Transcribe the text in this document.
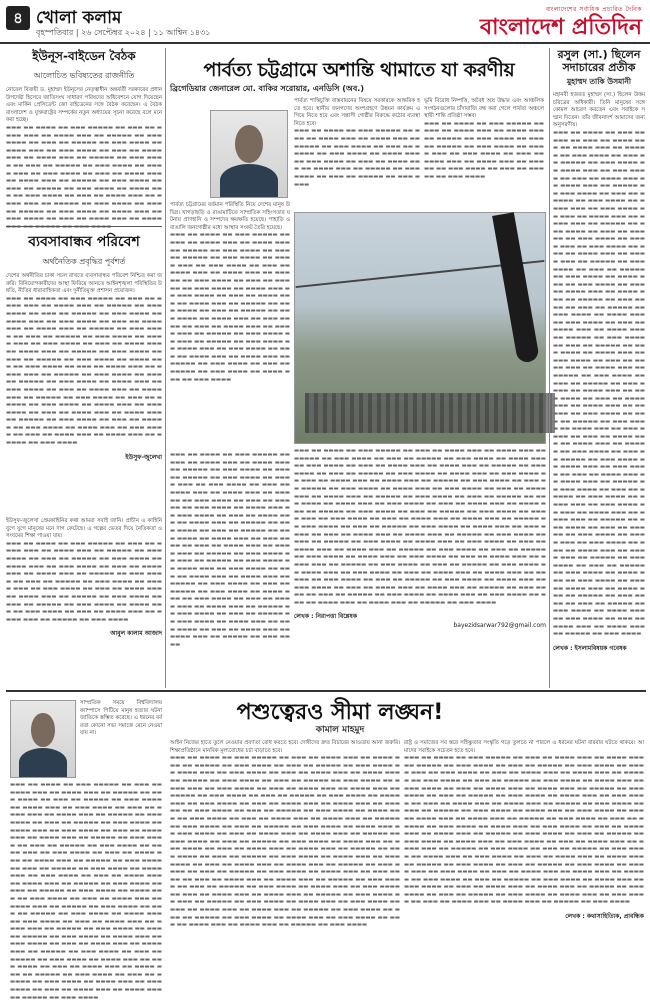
৪ খোলা কলাম
বৃহস্পতিবার | ২৬ সেপ্টেম্বর ২০২৪ | ১১ আশ্বিন ১৪৩১
বাংলাদেশের সর্বাধিক প্রচারিত দৈনিক
বাংলাদেশ প্রতিদিন
ইউনূস-বাইডেন বৈঠক
আলোচিত ভবিষ্যতের রাজনীতি
নোবেল বিজয়ী ড. মুহাম্মদ ইউনূসের নেতৃত্বাধীন অন্তর্বর্তী সরকারের প্রধান উপদেষ্টা হিসেবে জাতিসংঘ সাধারণ পরিষদের অধিবেশনে যোগ দিয়েছেন এবং মার্কিন প্রেসিডেন্ট জো বাইডেনের সঙ্গে বৈঠক করেছেন। এ বৈঠক বাংলাদেশ ও যুক্তরাষ্ট্রের সম্পর্কের নতুন অধ্যায়ের সূচনা করেছে বলে মনে করা হচ্ছে।
▬▬▬ ▬▬ ▬▬▬▬ ▬▬ ▬▬▬ ▬▬▬▬▬ ▬▬ ▬▬▬ ▬▬ ▬▬▬▬ ▬▬▬ ▬▬ ▬▬▬▬ ▬▬▬ ▬▬ ▬▬▬▬▬ ▬▬ ▬▬▬ ▬▬▬▬ ▬▬ ▬▬▬ ▬▬ ▬▬▬▬▬ ▬▬ ▬▬▬ ▬▬▬▬ ▬▬ ▬▬▬▬ ▬▬▬ ▬▬ ▬▬▬ ▬▬▬▬ ▬▬ ▬▬▬ ▬▬ ▬▬▬▬ ▬▬▬ ▬▬ ▬▬▬▬ ▬▬▬ ▬▬ ▬▬▬▬▬ ▬▬ ▬▬▬ ▬▬▬▬ ▬▬ ▬▬▬ ▬▬ ▬▬▬▬▬ ▬▬ ▬▬▬ ▬▬▬▬ ▬▬ ▬▬▬▬ ▬▬▬ ▬▬ ▬▬▬ ▬▬▬▬ ▬▬ ▬▬▬ ▬▬ ▬▬▬▬ ▬▬▬ ▬▬ ▬▬▬▬ ▬▬▬ ▬▬ ▬▬▬▬▬ ▬▬ ▬▬▬ ▬▬▬▬ ▬▬ ▬▬▬ ▬▬ ▬▬▬▬▬ ▬▬ ▬▬▬ ▬▬▬▬ ▬▬ ▬▬▬▬ ▬▬▬ ▬▬ ▬▬▬ ▬▬▬▬ ▬▬ ▬▬▬ ▬▬ ▬▬▬▬ ▬▬▬ ▬▬ ▬▬▬▬ ▬▬▬ ▬▬ ▬▬▬▬▬ ▬▬ ▬▬▬ ▬▬▬▬ ▬▬ ▬▬▬ ▬▬ ▬▬▬▬▬ ▬▬ ▬▬▬ ▬▬▬▬ ▬▬ ▬▬▬▬ ▬▬▬ ▬▬ ▬▬▬ ▬▬▬▬ ▬▬ ▬▬▬ ▬▬ ▬▬▬▬ ▬▬▬ ▬▬ ▬▬▬▬
ব্যবসাবান্ধব পরিবেশ
অর্থনৈতিক প্রবৃদ্ধির পূর্বশর্ত
দেশের অর্থনীতির চাকা সচল রাখতে ব্যবসাবান্ধব পরিবেশ নিশ্চিত করা জরুরি। বিনিয়োগকারীদের আস্থা ফিরিয়ে আনতে আইনশৃঙ্খলা পরিস্থিতির উন্নতি, নীতির ধারাবাহিকতা এবং দুর্নীতিমুক্ত প্রশাসন প্রয়োজন।
▬▬▬ ▬▬ ▬▬▬▬ ▬▬ ▬▬▬ ▬▬▬▬▬ ▬▬ ▬▬▬ ▬▬ ▬▬▬▬ ▬▬▬ ▬▬ ▬▬▬▬ ▬▬▬ ▬▬ ▬▬▬▬▬ ▬▬ ▬▬▬ ▬▬▬▬ ▬▬ ▬▬▬ ▬▬ ▬▬▬▬▬ ▬▬ ▬▬▬ ▬▬▬▬ ▬▬ ▬▬▬▬ ▬▬▬ ▬▬ ▬▬▬ ▬▬▬▬ ▬▬ ▬▬▬ ▬▬ ▬▬▬▬ ▬▬▬ ▬▬ ▬▬▬▬ ▬▬▬ ▬▬ ▬▬▬▬▬ ▬▬ ▬▬▬ ▬▬▬▬ ▬▬ ▬▬▬ ▬▬ ▬▬▬▬▬ ▬▬ ▬▬▬ ▬▬▬▬ ▬▬ ▬▬▬▬ ▬▬▬ ▬▬ ▬▬▬ ▬▬▬▬ ▬▬ ▬▬▬ ▬▬ ▬▬▬▬ ▬▬▬ ▬▬ ▬▬▬▬ ▬▬▬ ▬▬ ▬▬▬▬▬ ▬▬ ▬▬▬ ▬▬▬▬ ▬▬ ▬▬▬ ▬▬ ▬▬▬▬▬ ▬▬ ▬▬▬ ▬▬▬▬ ▬▬ ▬▬▬▬ ▬▬▬ ▬▬ ▬▬▬ ▬▬▬▬ ▬▬ ▬▬▬ ▬▬ ▬▬▬▬ ▬▬▬ ▬▬ ▬▬▬▬ ▬▬▬ ▬▬ ▬▬▬▬▬ ▬▬ ▬▬▬ ▬▬▬▬ ▬▬ ▬▬▬ ▬▬ ▬▬▬▬▬ ▬▬ ▬▬▬ ▬▬▬▬ ▬▬ ▬▬▬▬ ▬▬▬ ▬▬ ▬▬▬ ▬▬▬▬ ▬▬ ▬▬▬ ▬▬ ▬▬▬▬ ▬▬▬ ▬▬ ▬▬▬▬ ▬▬▬ ▬▬ ▬▬▬▬▬ ▬▬ ▬▬▬ ▬▬▬▬ ▬▬ ▬▬▬ ▬▬ ▬▬▬▬▬ ▬▬ ▬▬▬ ▬▬▬▬ ▬▬ ▬▬▬▬ ▬▬▬ ▬▬ ▬▬▬ ▬▬▬▬ ▬▬ ▬▬▬ ▬▬ ▬▬▬▬ ▬▬▬ ▬▬ ▬▬▬▬ ▬▬▬ ▬▬ ▬▬▬▬▬ ▬▬ ▬▬▬ ▬▬▬▬ ▬▬ ▬▬▬ ▬▬ ▬▬▬▬▬ ▬▬ ▬▬▬ ▬▬▬▬ ▬▬ ▬▬▬▬ ▬▬▬ ▬▬ ▬▬▬ ▬▬▬▬ ▬▬ ▬▬▬ ▬▬ ▬▬▬▬ ▬▬▬ ▬▬ ▬▬▬▬ ▬▬▬ ▬▬ ▬▬▬▬▬ ▬▬ ▬▬▬ ▬▬▬▬
ইউসুফ-জুলেখা
ইউসুফ-জুলেখা প্রেমকাহিনির কথা আমরা সবাই জানি। প্রাচীন এ কাহিনি যুগে যুগে মানুষের মনে দাগ কেটেছে। এ গল্পের ভেতর দিয়ে নৈতিকতা ও সংযমের শিক্ষা পাওয়া যায়।
▬▬▬ ▬▬ ▬▬▬▬ ▬▬ ▬▬▬ ▬▬▬▬▬ ▬▬ ▬▬▬ ▬▬ ▬▬▬▬ ▬▬▬ ▬▬ ▬▬▬▬ ▬▬▬ ▬▬ ▬▬▬▬▬ ▬▬ ▬▬▬ ▬▬▬▬ ▬▬ ▬▬▬ ▬▬ ▬▬▬▬▬ ▬▬ ▬▬▬ ▬▬▬▬ ▬▬ ▬▬▬▬ ▬▬▬ ▬▬ ▬▬▬ ▬▬▬▬ ▬▬ ▬▬▬ ▬▬ ▬▬▬▬ ▬▬▬ ▬▬ ▬▬▬▬ ▬▬▬ ▬▬ ▬▬▬▬▬ ▬▬ ▬▬▬ ▬▬▬▬ ▬▬ ▬▬▬ ▬▬ ▬▬▬▬▬ ▬▬ ▬▬▬ ▬▬▬▬ ▬▬ ▬▬▬▬ ▬▬▬ ▬▬ ▬▬▬ ▬▬▬▬ ▬▬ ▬▬▬ ▬▬ ▬▬▬▬ ▬▬▬ ▬▬ ▬▬▬▬ ▬▬▬ ▬▬ ▬▬▬▬▬ ▬▬ ▬▬▬ ▬▬▬▬ ▬▬ ▬▬▬ ▬▬ ▬▬▬▬▬ ▬▬ ▬▬▬ ▬▬▬▬ ▬▬ ▬▬▬▬ ▬▬▬ ▬▬ ▬▬▬ ▬▬▬▬ ▬▬ ▬▬▬ ▬▬ ▬▬▬▬ ▬▬▬ ▬▬ ▬▬▬▬ ▬▬▬ ▬▬ ▬▬▬▬▬ ▬▬ ▬▬▬ ▬▬▬▬
আবুল কালাম আজাদ
পার্বত্য চট্টগ্রামে অশান্তি থামাতে যা করণীয়
ব্রিগেডিয়ার জেনারেল মো. বাকির সরোয়ার, এনডিসি (অব.)
পার্বত্য চট্টগ্রামের বর্তমান পরিস্থিতি নিয়ে দেশের মানুষ উদ্বিগ্ন। খাগড়াছড়ি ও রাঙামাটিতে সাম্প্রতিক সহিংসতার ঘটনায় প্রাণহানি ও সম্পদের ক্ষয়ক্ষতি হয়েছে। পাহাড়ি ও বাঙালি জনগোষ্ঠীর মধ্যে আস্থার সংকট তৈরি হয়েছে।
▬▬▬ ▬▬ ▬▬▬▬ ▬▬ ▬▬▬ ▬▬▬▬▬ ▬▬ ▬▬▬ ▬▬ ▬▬▬▬ ▬▬▬ ▬▬ ▬▬▬▬ ▬▬▬ ▬▬ ▬▬▬▬▬ ▬▬ ▬▬▬ ▬▬▬▬ ▬▬ ▬▬▬ ▬▬ ▬▬▬▬▬ ▬▬ ▬▬▬ ▬▬▬▬ ▬▬ ▬▬▬▬ ▬▬▬ ▬▬ ▬▬▬ ▬▬▬▬ ▬▬ ▬▬▬ ▬▬ ▬▬▬▬ ▬▬▬ ▬▬ ▬▬▬▬ ▬▬▬ ▬▬ ▬▬▬▬▬ ▬▬ ▬▬▬ ▬▬▬▬ ▬▬ ▬▬▬ ▬▬ ▬▬▬▬▬ ▬▬ ▬▬▬ ▬▬▬▬ ▬▬ ▬▬▬▬ ▬▬▬ ▬▬ ▬▬▬ ▬▬▬▬ ▬▬ ▬▬▬ ▬▬ ▬▬▬▬ ▬▬▬ ▬▬ ▬▬▬▬ ▬▬▬ ▬▬ ▬▬▬▬▬ ▬▬ ▬▬▬ ▬▬▬▬ ▬▬ ▬▬▬ ▬▬ ▬▬▬▬▬ ▬▬ ▬▬▬ ▬▬▬▬ ▬▬ ▬▬▬▬ ▬▬▬ ▬▬ ▬▬▬ ▬▬▬▬ ▬▬ ▬▬▬ ▬▬ ▬▬▬▬ ▬▬▬ ▬▬ ▬▬▬▬ ▬▬▬ ▬▬ ▬▬▬▬▬ ▬▬ ▬▬▬ ▬▬▬▬ ▬▬ ▬▬▬ ▬▬ ▬▬▬▬▬ ▬▬ ▬▬▬ ▬▬▬▬ ▬▬ ▬▬▬▬ ▬▬▬ ▬▬ ▬▬▬ ▬▬▬▬ ▬▬ ▬▬▬ ▬▬ ▬▬▬▬ ▬▬▬ ▬▬ ▬▬▬▬ ▬▬▬ ▬▬ ▬▬▬▬▬ ▬▬ ▬▬▬ ▬▬▬▬ ▬▬ ▬▬▬ ▬▬ ▬▬▬▬▬ ▬▬ ▬▬▬ ▬▬▬▬ ▬▬ ▬▬▬▬ ▬▬▬ ▬▬ ▬▬▬ ▬▬▬▬
পার্বত্য শান্তিচুক্তি বাস্তবায়নের বিষয়ে সরকারকে আন্তরিক হতে হবে। স্থানীয় জনগণের অংশগ্রহণে উন্নয়ন কার্যক্রম এগিয়ে নিতে হবে এবং সন্ত্রাসী গোষ্ঠীর বিরুদ্ধে কঠোর ব্যবস্থা নিতে হবে।
▬▬▬ ▬▬ ▬▬▬▬ ▬▬ ▬▬▬ ▬▬▬▬▬ ▬▬ ▬▬▬ ▬▬ ▬▬▬▬ ▬▬▬ ▬▬ ▬▬▬▬ ▬▬▬ ▬▬ ▬▬▬▬▬ ▬▬ ▬▬▬ ▬▬▬▬ ▬▬ ▬▬▬ ▬▬ ▬▬▬▬▬ ▬▬ ▬▬▬ ▬▬▬▬ ▬▬ ▬▬▬▬ ▬▬▬ ▬▬ ▬▬▬ ▬▬▬▬ ▬▬ ▬▬▬ ▬▬ ▬▬▬▬ ▬▬▬ ▬▬ ▬▬▬▬ ▬▬▬ ▬▬ ▬▬▬▬▬ ▬▬ ▬▬▬ ▬▬▬▬ ▬▬ ▬▬▬ ▬▬ ▬▬▬▬▬ ▬▬ ▬▬▬ ▬▬▬▬
ভূমি বিরোধ নিষ্পত্তি, অবৈধ অস্ত্র উদ্ধার এবং আঞ্চলিক সংগঠনগুলোর চাঁদাবাজি বন্ধ করা গেলে পার্বত্য অঞ্চলে স্থায়ী শান্তি প্রতিষ্ঠা সম্ভব।
▬▬▬ ▬▬ ▬▬▬▬ ▬▬ ▬▬▬ ▬▬▬▬▬ ▬▬ ▬▬▬ ▬▬ ▬▬▬▬ ▬▬▬ ▬▬ ▬▬▬▬ ▬▬▬ ▬▬ ▬▬▬▬▬ ▬▬ ▬▬▬ ▬▬▬▬ ▬▬ ▬▬▬ ▬▬ ▬▬▬▬▬ ▬▬ ▬▬▬ ▬▬▬▬ ▬▬ ▬▬▬▬ ▬▬▬ ▬▬ ▬▬▬ ▬▬▬▬ ▬▬ ▬▬▬ ▬▬ ▬▬▬▬ ▬▬▬ ▬▬ ▬▬▬▬ ▬▬▬ ▬▬ ▬▬▬▬▬ ▬▬ ▬▬▬ ▬▬▬▬ ▬▬ ▬▬▬ ▬▬ ▬▬▬▬▬ ▬▬ ▬▬▬ ▬▬▬▬
▬▬▬ ▬▬ ▬▬▬▬ ▬▬ ▬▬▬ ▬▬▬▬▬ ▬▬ ▬▬▬ ▬▬ ▬▬▬▬ ▬▬▬ ▬▬ ▬▬▬▬ ▬▬▬ ▬▬ ▬▬▬▬▬ ▬▬ ▬▬▬ ▬▬▬▬ ▬▬ ▬▬▬ ▬▬ ▬▬▬▬▬ ▬▬ ▬▬▬ ▬▬▬▬ ▬▬ ▬▬▬▬ ▬▬▬ ▬▬ ▬▬▬ ▬▬▬▬ ▬▬ ▬▬▬ ▬▬ ▬▬▬▬ ▬▬▬ ▬▬ ▬▬▬▬ ▬▬▬ ▬▬ ▬▬▬▬▬ ▬▬ ▬▬▬ ▬▬▬▬ ▬▬ ▬▬▬ ▬▬ ▬▬▬▬▬ ▬▬ ▬▬▬ ▬▬▬▬ ▬▬ ▬▬▬▬ ▬▬▬ ▬▬ ▬▬▬ ▬▬▬▬ ▬▬ ▬▬▬ ▬▬ ▬▬▬▬ ▬▬▬ ▬▬ ▬▬▬▬ ▬▬▬ ▬▬ ▬▬▬▬▬ ▬▬ ▬▬▬ ▬▬▬▬ ▬▬ ▬▬▬ ▬▬ ▬▬▬▬▬ ▬▬ ▬▬▬ ▬▬▬▬ ▬▬ ▬▬▬▬ ▬▬▬ ▬▬ ▬▬▬ ▬▬▬▬ ▬▬ ▬▬▬ ▬▬ ▬▬▬▬ ▬▬▬ ▬▬ ▬▬▬▬ ▬▬▬ ▬▬ ▬▬▬▬▬ ▬▬ ▬▬▬ ▬▬▬▬ ▬▬ ▬▬▬ ▬▬ ▬▬▬▬▬ ▬▬ ▬▬▬ ▬▬▬▬ ▬▬ ▬▬▬▬ ▬▬▬ ▬▬ ▬▬▬ ▬▬▬▬ ▬▬ ▬▬▬ ▬▬ ▬▬▬▬ ▬▬▬ ▬▬ ▬▬▬▬ ▬▬▬ ▬▬ ▬▬▬▬▬ ▬▬ ▬▬▬ ▬▬▬▬ ▬▬ ▬▬▬ ▬▬ ▬▬▬▬▬ ▬▬ ▬▬▬ ▬▬▬▬ ▬▬ ▬▬▬▬ ▬▬▬ ▬▬ ▬▬▬ ▬▬▬▬ ▬▬ ▬▬▬ ▬▬ ▬▬▬▬ ▬▬▬ ▬▬ ▬▬▬▬ ▬▬▬ ▬▬ ▬▬▬▬▬ ▬▬ ▬▬▬ ▬▬▬▬ ▬▬ ▬▬▬ ▬▬ ▬▬▬▬▬ ▬▬ ▬▬▬ ▬▬▬▬ ▬▬ ▬▬▬▬ ▬▬▬ ▬▬ ▬▬▬ ▬▬▬▬ ▬▬ ▬▬▬ ▬▬ ▬▬▬▬ ▬▬▬ ▬▬ ▬▬▬▬ ▬▬▬ ▬▬ ▬▬▬▬▬ ▬▬ ▬▬▬ ▬▬▬▬ ▬▬ ▬▬▬ ▬▬ ▬▬▬▬▬ ▬▬ ▬▬▬ ▬▬▬▬ ▬▬ ▬▬▬▬ ▬▬▬ ▬▬ ▬▬▬ ▬▬▬▬ ▬▬ ▬▬▬ ▬▬ ▬▬▬▬ ▬▬▬ ▬▬ ▬▬▬▬ ▬▬▬ ▬▬ ▬▬▬▬▬ ▬▬ ▬▬▬ ▬▬▬▬ ▬▬ ▬▬▬ ▬▬ ▬▬▬▬▬ ▬▬ ▬▬▬ ▬▬▬▬ ▬▬ ▬▬▬▬ ▬▬▬ ▬▬ ▬▬▬ ▬▬▬▬ ▬▬ ▬▬▬ ▬▬ ▬▬▬▬ ▬▬▬ ▬▬ ▬▬▬▬ ▬▬▬ ▬▬ ▬▬▬▬▬ ▬▬ ▬▬▬ ▬▬▬▬ ▬▬ ▬▬▬ ▬▬ ▬▬▬▬▬ ▬▬ ▬▬▬ ▬▬▬▬ ▬▬ ▬▬▬▬ ▬▬▬ ▬▬ ▬▬▬ ▬▬▬▬ ▬▬ ▬▬▬ ▬▬ ▬▬▬▬ ▬▬▬ ▬▬ ▬▬▬▬ ▬▬▬ ▬▬ ▬▬▬▬▬ ▬▬ ▬▬▬ ▬▬▬▬ ▬▬ ▬▬▬ ▬▬ ▬▬▬▬▬ ▬▬ ▬▬▬ ▬▬▬▬ ▬▬ ▬▬▬▬ ▬▬▬ ▬▬ ▬▬▬ ▬▬▬▬ ▬▬ ▬▬▬ ▬▬ ▬▬▬▬ ▬▬▬ ▬▬ ▬▬▬▬ ▬▬▬ ▬▬ ▬▬▬▬▬ ▬▬ ▬▬▬ ▬▬▬▬ ▬▬ ▬▬▬ ▬▬ ▬▬▬▬▬ ▬▬ ▬▬▬ ▬▬▬▬ ▬▬ ▬▬▬▬ ▬▬▬ ▬▬ ▬▬▬ ▬▬▬▬ ▬▬ ▬▬▬ ▬▬ ▬▬▬▬ ▬▬▬ ▬▬ ▬▬▬▬ ▬▬▬ ▬▬ ▬▬▬▬▬ ▬▬ ▬▬▬ ▬▬▬▬
লেখক : নিরাপত্তা বিশ্লেষক
bayezidsarwar792@gmail.com
▬▬▬ ▬▬ ▬▬▬▬ ▬▬ ▬▬▬ ▬▬▬▬▬ ▬▬ ▬▬▬ ▬▬ ▬▬▬▬ ▬▬▬ ▬▬ ▬▬▬▬ ▬▬▬ ▬▬ ▬▬▬▬▬ ▬▬ ▬▬▬ ▬▬▬▬ ▬▬ ▬▬▬ ▬▬ ▬▬▬▬▬ ▬▬ ▬▬▬ ▬▬▬▬ ▬▬ ▬▬▬▬ ▬▬▬ ▬▬ ▬▬▬ ▬▬▬▬ ▬▬ ▬▬▬ ▬▬ ▬▬▬▬ ▬▬▬ ▬▬ ▬▬▬▬ ▬▬▬ ▬▬ ▬▬▬▬▬ ▬▬ ▬▬▬ ▬▬▬▬ ▬▬ ▬▬▬ ▬▬ ▬▬▬▬▬ ▬▬ ▬▬▬ ▬▬▬▬ ▬▬ ▬▬▬▬ ▬▬▬ ▬▬ ▬▬▬ ▬▬▬▬ ▬▬ ▬▬▬ ▬▬ ▬▬▬▬ ▬▬▬ ▬▬ ▬▬▬▬ ▬▬▬ ▬▬ ▬▬▬▬▬ ▬▬ ▬▬▬ ▬▬▬▬ ▬▬ ▬▬▬ ▬▬ ▬▬▬▬▬ ▬▬ ▬▬▬ ▬▬▬▬ ▬▬ ▬▬▬▬ ▬▬▬ ▬▬ ▬▬▬ ▬▬▬▬ ▬▬ ▬▬▬ ▬▬ ▬▬▬▬ ▬▬▬ ▬▬ ▬▬▬▬ ▬▬▬ ▬▬ ▬▬▬▬▬ ▬▬ ▬▬▬ ▬▬▬▬ ▬▬ ▬▬▬ ▬▬ ▬▬▬▬▬ ▬▬ ▬▬▬ ▬▬▬▬ ▬▬ ▬▬▬▬ ▬▬▬ ▬▬ ▬▬▬ ▬▬▬▬ ▬▬ ▬▬▬ ▬▬ ▬▬▬▬ ▬▬▬ ▬▬ ▬▬▬▬ ▬▬▬ ▬▬ ▬▬▬▬▬ ▬▬ ▬▬▬ ▬▬▬▬ ▬▬ ▬▬▬ ▬▬ ▬▬▬▬▬ ▬▬ ▬▬▬ ▬▬▬▬ ▬▬ ▬▬▬▬ ▬▬▬ ▬▬ ▬▬▬ ▬▬▬▬ ▬▬ ▬▬▬ ▬▬ ▬▬▬▬ ▬▬▬ ▬▬ ▬▬▬▬ ▬▬▬ ▬▬ ▬▬▬▬▬ ▬▬ ▬▬▬ ▬▬▬▬ ▬▬ ▬▬▬ ▬▬ ▬▬▬▬▬ ▬▬ ▬▬▬ ▬▬▬▬ ▬▬ ▬▬▬▬ ▬▬▬ ▬▬ ▬▬▬ ▬▬▬▬ ▬▬ ▬▬▬ ▬▬ ▬▬▬▬ ▬▬▬ ▬▬ ▬▬▬▬ ▬▬▬ ▬▬ ▬▬▬▬▬ ▬▬ ▬▬▬ ▬▬▬▬
রসুল (সা.) ছিলেন সদাচারের প্রতীক
মুহাম্মদ তাকি উসমানী
মহানবী হজরত মুহাম্মদ (সা.) ছিলেন উত্তম চরিত্রের অধিকারী। তিনি মানুষের সঙ্গে কোমল আচরণ করতেন এবং সবাইকে সম্মান দিতেন। তাঁর জীবনাদর্শ আমাদের জন্য অনুসরণীয়।
▬▬▬ ▬▬ ▬▬▬▬ ▬▬ ▬▬▬ ▬▬▬▬▬ ▬▬ ▬▬▬ ▬▬ ▬▬▬▬ ▬▬▬ ▬▬ ▬▬▬▬ ▬▬▬ ▬▬ ▬▬▬▬▬ ▬▬ ▬▬▬ ▬▬▬▬ ▬▬ ▬▬▬ ▬▬ ▬▬▬▬▬ ▬▬ ▬▬▬ ▬▬▬▬ ▬▬ ▬▬▬▬ ▬▬▬ ▬▬ ▬▬▬ ▬▬▬▬ ▬▬ ▬▬▬ ▬▬ ▬▬▬▬ ▬▬▬ ▬▬ ▬▬▬▬ ▬▬▬ ▬▬ ▬▬▬▬▬ ▬▬ ▬▬▬ ▬▬▬▬ ▬▬ ▬▬▬ ▬▬ ▬▬▬▬▬ ▬▬ ▬▬▬ ▬▬▬▬ ▬▬ ▬▬▬▬ ▬▬▬ ▬▬ ▬▬▬ ▬▬▬▬ ▬▬ ▬▬▬ ▬▬ ▬▬▬▬ ▬▬▬ ▬▬ ▬▬▬▬ ▬▬▬ ▬▬ ▬▬▬▬▬ ▬▬ ▬▬▬ ▬▬▬▬ ▬▬ ▬▬▬ ▬▬ ▬▬▬▬▬ ▬▬ ▬▬▬ ▬▬▬▬ ▬▬ ▬▬▬▬ ▬▬▬ ▬▬ ▬▬▬ ▬▬▬▬ ▬▬ ▬▬▬ ▬▬ ▬▬▬▬ ▬▬▬ ▬▬ ▬▬▬▬ ▬▬▬ ▬▬ ▬▬▬▬▬ ▬▬ ▬▬▬ ▬▬▬▬ ▬▬ ▬▬▬ ▬▬ ▬▬▬▬▬ ▬▬ ▬▬▬ ▬▬▬▬ ▬▬ ▬▬▬▬ ▬▬▬ ▬▬ ▬▬▬ ▬▬▬▬ ▬▬ ▬▬▬ ▬▬ ▬▬▬▬ ▬▬▬ ▬▬ ▬▬▬▬ ▬▬▬ ▬▬ ▬▬▬▬▬ ▬▬ ▬▬▬ ▬▬▬▬ ▬▬ ▬▬▬ ▬▬ ▬▬▬▬▬ ▬▬ ▬▬▬ ▬▬▬▬ ▬▬ ▬▬▬▬ ▬▬▬ ▬▬ ▬▬▬ ▬▬▬▬ ▬▬ ▬▬▬ ▬▬ ▬▬▬▬ ▬▬▬ ▬▬ ▬▬▬▬ ▬▬▬ ▬▬ ▬▬▬▬▬ ▬▬ ▬▬▬ ▬▬▬▬ ▬▬ ▬▬▬ ▬▬ ▬▬▬▬▬ ▬▬ ▬▬▬ ▬▬▬▬ ▬▬ ▬▬▬▬ ▬▬▬ ▬▬ ▬▬▬ ▬▬▬▬ ▬▬ ▬▬▬ ▬▬ ▬▬▬▬ ▬▬▬ ▬▬ ▬▬▬▬ ▬▬▬ ▬▬ ▬▬▬▬▬ ▬▬ ▬▬▬ ▬▬▬▬ ▬▬ ▬▬▬ ▬▬ ▬▬▬▬▬ ▬▬ ▬▬▬ ▬▬▬▬ ▬▬ ▬▬▬▬ ▬▬▬ ▬▬ ▬▬▬ ▬▬▬▬ ▬▬ ▬▬▬ ▬▬ ▬▬▬▬ ▬▬▬ ▬▬ ▬▬▬▬ ▬▬▬ ▬▬ ▬▬▬▬▬ ▬▬ ▬▬▬ ▬▬▬▬ ▬▬ ▬▬▬ ▬▬ ▬▬▬▬▬ ▬▬ ▬▬▬ ▬▬▬▬ ▬▬ ▬▬▬▬ ▬▬▬ ▬▬ ▬▬▬ ▬▬▬▬ ▬▬ ▬▬▬ ▬▬ ▬▬▬▬ ▬▬▬ ▬▬ ▬▬▬▬ ▬▬▬ ▬▬ ▬▬▬▬▬ ▬▬ ▬▬▬ ▬▬▬▬ ▬▬ ▬▬▬ ▬▬ ▬▬▬▬▬ ▬▬ ▬▬▬ ▬▬▬▬ ▬▬ ▬▬▬▬ ▬▬▬ ▬▬ ▬▬▬ ▬▬▬▬ ▬▬ ▬▬▬ ▬▬ ▬▬▬▬ ▬▬▬ ▬▬ ▬▬▬▬ ▬▬▬ ▬▬ ▬▬▬▬▬ ▬▬ ▬▬▬ ▬▬▬▬ ▬▬ ▬▬▬ ▬▬ ▬▬▬▬▬ ▬▬ ▬▬▬ ▬▬▬▬ ▬▬ ▬▬▬▬ ▬▬▬ ▬▬ ▬▬▬ ▬▬▬▬ ▬▬ ▬▬▬ ▬▬ ▬▬▬▬ ▬▬▬ ▬▬ ▬▬▬▬ ▬▬▬ ▬▬ ▬▬▬▬▬ ▬▬ ▬▬▬ ▬▬▬▬ ▬▬ ▬▬▬ ▬▬ ▬▬▬▬▬ ▬▬ ▬▬▬ ▬▬▬▬ ▬▬ ▬▬▬▬ ▬▬▬ ▬▬ ▬▬▬ ▬▬▬▬ ▬▬ ▬▬▬ ▬▬ ▬▬▬▬ ▬▬▬ ▬▬ ▬▬▬▬ ▬▬▬ ▬▬ ▬▬▬▬▬ ▬▬ ▬▬▬ ▬▬▬▬ ▬▬ ▬▬▬ ▬▬ ▬▬▬▬▬ ▬▬ ▬▬▬ ▬▬▬▬ ▬▬ ▬▬▬▬ ▬▬▬ ▬▬ ▬▬▬ ▬▬▬▬ ▬▬ ▬▬▬ ▬▬ ▬▬▬▬ ▬▬▬ ▬▬ ▬▬▬▬ ▬▬▬ ▬▬ ▬▬▬▬▬ ▬▬ ▬▬▬ ▬▬▬▬ ▬▬ ▬▬▬ ▬▬ ▬▬▬▬▬ ▬▬ ▬▬▬ ▬▬▬▬ ▬▬ ▬▬▬▬ ▬▬▬ ▬▬ ▬▬▬ ▬▬▬▬ ▬▬ ▬▬▬ ▬▬ ▬▬▬▬ ▬▬▬ ▬▬ ▬▬▬▬ ▬▬▬ ▬▬ ▬▬▬▬▬ ▬▬ ▬▬▬ ▬▬▬▬
লেখক : ইসলামবিষয়ক গবেষক
পশুত্বেরও সীমা লঙ্ঘন!
কামাল মাহমুদ
সাম্প্রতিক সময়ে বিশ্ববিদ্যালয় ক্যাম্পাসে পিটিয়ে মানুষ হত্যার ঘটনা জাতিকে স্তম্ভিত করেছে। এ ধরনের বর্বরতা কোনো সভ্য সমাজে মেনে নেওয়া যায় না।
▬▬▬ ▬▬ ▬▬▬▬ ▬▬ ▬▬▬ ▬▬▬▬▬ ▬▬ ▬▬▬ ▬▬ ▬▬▬▬ ▬▬▬ ▬▬ ▬▬▬▬ ▬▬▬ ▬▬ ▬▬▬▬▬ ▬▬ ▬▬▬ ▬▬▬▬ ▬▬ ▬▬▬ ▬▬ ▬▬▬▬▬ ▬▬ ▬▬▬ ▬▬▬▬ ▬▬ ▬▬▬▬ ▬▬▬ ▬▬ ▬▬▬ ▬▬▬▬ ▬▬ ▬▬▬ ▬▬ ▬▬▬▬ ▬▬▬ ▬▬ ▬▬▬▬ ▬▬▬ ▬▬ ▬▬▬▬▬ ▬▬ ▬▬▬ ▬▬▬▬ ▬▬ ▬▬▬ ▬▬ ▬▬▬▬▬ ▬▬ ▬▬▬ ▬▬▬▬ ▬▬ ▬▬▬▬ ▬▬▬ ▬▬ ▬▬▬ ▬▬▬▬ ▬▬ ▬▬▬ ▬▬ ▬▬▬▬ ▬▬▬ ▬▬ ▬▬▬▬ ▬▬▬ ▬▬ ▬▬▬▬▬ ▬▬ ▬▬▬ ▬▬▬▬ ▬▬ ▬▬▬ ▬▬ ▬▬▬▬▬ ▬▬ ▬▬▬ ▬▬▬▬ ▬▬ ▬▬▬▬ ▬▬▬ ▬▬ ▬▬▬ ▬▬▬▬ ▬▬ ▬▬▬ ▬▬ ▬▬▬▬ ▬▬▬ ▬▬ ▬▬▬▬ ▬▬▬ ▬▬ ▬▬▬▬▬ ▬▬ ▬▬▬ ▬▬▬▬ ▬▬ ▬▬▬ ▬▬ ▬▬▬▬▬ ▬▬ ▬▬▬ ▬▬▬▬ ▬▬ ▬▬▬▬ ▬▬▬ ▬▬ ▬▬▬ ▬▬▬▬ ▬▬ ▬▬▬ ▬▬ ▬▬▬▬ ▬▬▬ ▬▬ ▬▬▬▬ ▬▬▬ ▬▬ ▬▬▬▬▬ ▬▬ ▬▬▬ ▬▬▬▬ ▬▬ ▬▬▬ ▬▬ ▬▬▬▬▬ ▬▬ ▬▬▬ ▬▬▬▬ ▬▬ ▬▬▬▬ ▬▬▬ ▬▬ ▬▬▬ ▬▬▬▬ ▬▬ ▬▬▬ ▬▬ ▬▬▬▬ ▬▬▬ ▬▬ ▬▬▬▬ ▬▬▬ ▬▬ ▬▬▬▬▬ ▬▬ ▬▬▬ ▬▬▬▬ ▬▬ ▬▬▬ ▬▬ ▬▬▬▬▬ ▬▬ ▬▬▬ ▬▬▬▬ ▬▬ ▬▬▬▬ ▬▬▬ ▬▬ ▬▬▬ ▬▬▬▬ ▬▬ ▬▬▬ ▬▬ ▬▬▬▬ ▬▬▬ ▬▬ ▬▬▬▬ ▬▬▬ ▬▬ ▬▬▬▬▬ ▬▬ ▬▬▬ ▬▬▬▬ ▬▬ ▬▬▬ ▬▬ ▬▬▬▬▬ ▬▬ ▬▬▬ ▬▬▬▬ ▬▬ ▬▬▬▬ ▬▬▬ ▬▬ ▬▬▬ ▬▬▬▬ ▬▬ ▬▬▬ ▬▬ ▬▬▬▬ ▬▬▬ ▬▬ ▬▬▬▬ ▬▬▬ ▬▬ ▬▬▬▬▬ ▬▬ ▬▬▬ ▬▬▬▬ ▬▬ ▬▬▬ ▬▬ ▬▬▬▬▬ ▬▬ ▬▬▬ ▬▬▬▬ ▬▬ ▬▬▬▬ ▬▬▬ ▬▬ ▬▬▬ ▬▬▬▬ ▬▬ ▬▬▬ ▬▬ ▬▬▬▬ ▬▬▬ ▬▬ ▬▬▬▬ ▬▬▬ ▬▬ ▬▬▬▬▬ ▬▬ ▬▬▬ ▬▬▬▬ ▬▬ ▬▬▬ ▬▬ ▬▬▬▬▬ ▬▬ ▬▬▬ ▬▬▬▬ ▬▬ ▬▬▬▬ ▬▬▬ ▬▬ ▬▬▬ ▬▬▬▬ ▬▬ ▬▬▬ ▬▬ ▬▬▬▬ ▬▬▬ ▬▬ ▬▬▬▬ ▬▬▬ ▬▬ ▬▬▬▬▬ ▬▬ ▬▬▬ ▬▬▬▬
আইন নিজের হাতে তুলে নেওয়ার প্রবণতা রোধ করতে হবে। দোষীদের দ্রুত বিচারের আওতায় আনা জরুরি। শিক্ষাপ্রতিষ্ঠানে মানবিক মূল্যবোধের চর্চা বাড়াতে হবে।
▬▬▬ ▬▬ ▬▬▬▬ ▬▬ ▬▬▬ ▬▬▬▬▬ ▬▬ ▬▬▬ ▬▬ ▬▬▬▬ ▬▬▬ ▬▬ ▬▬▬▬ ▬▬▬ ▬▬ ▬▬▬▬▬ ▬▬ ▬▬▬ ▬▬▬▬ ▬▬ ▬▬▬ ▬▬ ▬▬▬▬▬ ▬▬ ▬▬▬ ▬▬▬▬ ▬▬ ▬▬▬▬ ▬▬▬ ▬▬ ▬▬▬ ▬▬▬▬ ▬▬ ▬▬▬ ▬▬ ▬▬▬▬ ▬▬▬ ▬▬ ▬▬▬▬ ▬▬▬ ▬▬ ▬▬▬▬▬ ▬▬ ▬▬▬ ▬▬▬▬ ▬▬ ▬▬▬ ▬▬ ▬▬▬▬▬ ▬▬ ▬▬▬ ▬▬▬▬ ▬▬ ▬▬▬▬ ▬▬▬ ▬▬ ▬▬▬ ▬▬▬▬ ▬▬ ▬▬▬ ▬▬ ▬▬▬▬ ▬▬▬ ▬▬ ▬▬▬▬ ▬▬▬ ▬▬ ▬▬▬▬▬ ▬▬ ▬▬▬ ▬▬▬▬ ▬▬ ▬▬▬ ▬▬ ▬▬▬▬▬ ▬▬ ▬▬▬ ▬▬▬▬ ▬▬ ▬▬▬▬ ▬▬▬ ▬▬ ▬▬▬ ▬▬▬▬ ▬▬ ▬▬▬ ▬▬ ▬▬▬▬ ▬▬▬ ▬▬ ▬▬▬▬ ▬▬▬ ▬▬ ▬▬▬▬▬ ▬▬ ▬▬▬ ▬▬▬▬ ▬▬ ▬▬▬ ▬▬ ▬▬▬▬▬ ▬▬ ▬▬▬ ▬▬▬▬ ▬▬ ▬▬▬▬ ▬▬▬ ▬▬ ▬▬▬ ▬▬▬▬ ▬▬ ▬▬▬ ▬▬ ▬▬▬▬ ▬▬▬ ▬▬ ▬▬▬▬ ▬▬▬ ▬▬ ▬▬▬▬▬ ▬▬ ▬▬▬ ▬▬▬▬ ▬▬ ▬▬▬ ▬▬ ▬▬▬▬▬ ▬▬ ▬▬▬ ▬▬▬▬ ▬▬ ▬▬▬▬ ▬▬▬ ▬▬ ▬▬▬ ▬▬▬▬ ▬▬ ▬▬▬ ▬▬ ▬▬▬▬ ▬▬▬ ▬▬ ▬▬▬▬ ▬▬▬ ▬▬ ▬▬▬▬▬ ▬▬ ▬▬▬ ▬▬▬▬ ▬▬ ▬▬▬ ▬▬ ▬▬▬▬▬ ▬▬ ▬▬▬ ▬▬▬▬ ▬▬ ▬▬▬▬ ▬▬▬ ▬▬ ▬▬▬ ▬▬▬▬ ▬▬ ▬▬▬ ▬▬ ▬▬▬▬ ▬▬▬ ▬▬ ▬▬▬▬ ▬▬▬ ▬▬ ▬▬▬▬▬ ▬▬ ▬▬▬ ▬▬▬▬ ▬▬ ▬▬▬ ▬▬ ▬▬▬▬▬ ▬▬ ▬▬▬ ▬▬▬▬ ▬▬ ▬▬▬▬ ▬▬▬ ▬▬ ▬▬▬ ▬▬▬▬ ▬▬ ▬▬▬ ▬▬ ▬▬▬▬ ▬▬▬ ▬▬ ▬▬▬▬ ▬▬▬ ▬▬ ▬▬▬▬▬ ▬▬ ▬▬▬ ▬▬▬▬ ▬▬ ▬▬▬ ▬▬ ▬▬▬▬▬ ▬▬ ▬▬▬ ▬▬▬▬ ▬▬ ▬▬▬▬ ▬▬▬ ▬▬ ▬▬▬ ▬▬▬▬ ▬▬ ▬▬▬ ▬▬ ▬▬▬▬ ▬▬▬ ▬▬ ▬▬▬▬ ▬▬▬ ▬▬ ▬▬▬▬▬ ▬▬ ▬▬▬ ▬▬▬▬ ▬▬ ▬▬▬ ▬▬ ▬▬▬▬▬ ▬▬ ▬▬▬ ▬▬▬▬ ▬▬ ▬▬▬▬ ▬▬▬ ▬▬ ▬▬▬ ▬▬▬▬ ▬▬ ▬▬▬ ▬▬ ▬▬▬▬ ▬▬▬ ▬▬ ▬▬▬▬ ▬▬▬ ▬▬ ▬▬▬▬▬ ▬▬ ▬▬▬ ▬▬▬▬ ▬▬ ▬▬▬ ▬▬ ▬▬▬▬▬ ▬▬ ▬▬▬ ▬▬▬▬ ▬▬ ▬▬▬▬ ▬▬▬ ▬▬ ▬▬▬ ▬▬▬▬ ▬▬ ▬▬▬ ▬▬ ▬▬▬▬ ▬▬▬ ▬▬ ▬▬▬▬ ▬▬▬ ▬▬ ▬▬▬▬▬ ▬▬ ▬▬▬ ▬▬▬▬ ▬▬ ▬▬▬ ▬▬ ▬▬▬▬▬ ▬▬ ▬▬▬ ▬▬▬▬ ▬▬ ▬▬▬▬ ▬▬▬ ▬▬ ▬▬▬ ▬▬▬▬ ▬▬ ▬▬▬ ▬▬ ▬▬▬▬ ▬▬▬ ▬▬ ▬▬▬▬ ▬▬▬ ▬▬ ▬▬▬▬▬ ▬▬ ▬▬▬ ▬▬▬▬
রাষ্ট্র ও সমাজের সব স্তরে সহিষ্ণুতার সংস্কৃতি গড়ে তুলতে না পারলে এ ধরনের ঘটনা বারবার ঘটতে থাকবে। আমাদের সবাইকে সচেতন হতে হবে।
▬▬▬ ▬▬ ▬▬▬▬ ▬▬ ▬▬▬ ▬▬▬▬▬ ▬▬ ▬▬▬ ▬▬ ▬▬▬▬ ▬▬▬ ▬▬ ▬▬▬▬ ▬▬▬ ▬▬ ▬▬▬▬▬ ▬▬ ▬▬▬ ▬▬▬▬ ▬▬ ▬▬▬ ▬▬ ▬▬▬▬▬ ▬▬ ▬▬▬ ▬▬▬▬ ▬▬ ▬▬▬▬ ▬▬▬ ▬▬ ▬▬▬ ▬▬▬▬ ▬▬ ▬▬▬ ▬▬ ▬▬▬▬ ▬▬▬ ▬▬ ▬▬▬▬ ▬▬▬ ▬▬ ▬▬▬▬▬ ▬▬ ▬▬▬ ▬▬▬▬ ▬▬ ▬▬▬ ▬▬ ▬▬▬▬▬ ▬▬ ▬▬▬ ▬▬▬▬ ▬▬ ▬▬▬▬ ▬▬▬ ▬▬ ▬▬▬ ▬▬▬▬ ▬▬ ▬▬▬ ▬▬ ▬▬▬▬ ▬▬▬ ▬▬ ▬▬▬▬ ▬▬▬ ▬▬ ▬▬▬▬▬ ▬▬ ▬▬▬ ▬▬▬▬ ▬▬ ▬▬▬ ▬▬ ▬▬▬▬▬ ▬▬ ▬▬▬ ▬▬▬▬ ▬▬ ▬▬▬▬ ▬▬▬ ▬▬ ▬▬▬ ▬▬▬▬ ▬▬ ▬▬▬ ▬▬ ▬▬▬▬ ▬▬▬ ▬▬ ▬▬▬▬ ▬▬▬ ▬▬ ▬▬▬▬▬ ▬▬ ▬▬▬ ▬▬▬▬ ▬▬ ▬▬▬ ▬▬ ▬▬▬▬▬ ▬▬ ▬▬▬ ▬▬▬▬ ▬▬ ▬▬▬▬ ▬▬▬ ▬▬ ▬▬▬ ▬▬▬▬ ▬▬ ▬▬▬ ▬▬ ▬▬▬▬ ▬▬▬ ▬▬ ▬▬▬▬ ▬▬▬ ▬▬ ▬▬▬▬▬ ▬▬ ▬▬▬ ▬▬▬▬ ▬▬ ▬▬▬ ▬▬ ▬▬▬▬▬ ▬▬ ▬▬▬ ▬▬▬▬ ▬▬ ▬▬▬▬ ▬▬▬ ▬▬ ▬▬▬ ▬▬▬▬ ▬▬ ▬▬▬ ▬▬ ▬▬▬▬ ▬▬▬ ▬▬ ▬▬▬▬ ▬▬▬ ▬▬ ▬▬▬▬▬ ▬▬ ▬▬▬ ▬▬▬▬ ▬▬ ▬▬▬ ▬▬ ▬▬▬▬▬ ▬▬ ▬▬▬ ▬▬▬▬ ▬▬ ▬▬▬▬ ▬▬▬ ▬▬ ▬▬▬ ▬▬▬▬ ▬▬ ▬▬▬ ▬▬ ▬▬▬▬ ▬▬▬ ▬▬ ▬▬▬▬ ▬▬▬ ▬▬ ▬▬▬▬▬ ▬▬ ▬▬▬ ▬▬▬▬ ▬▬ ▬▬▬ ▬▬ ▬▬▬▬▬ ▬▬ ▬▬▬ ▬▬▬▬ ▬▬ ▬▬▬▬ ▬▬▬ ▬▬ ▬▬▬ ▬▬▬▬ ▬▬ ▬▬▬ ▬▬ ▬▬▬▬ ▬▬▬ ▬▬ ▬▬▬▬ ▬▬▬ ▬▬ ▬▬▬▬▬ ▬▬ ▬▬▬ ▬▬▬▬ ▬▬ ▬▬▬ ▬▬ ▬▬▬▬▬ ▬▬ ▬▬▬ ▬▬▬▬ ▬▬ ▬▬▬▬ ▬▬▬ ▬▬ ▬▬▬ ▬▬▬▬ ▬▬ ▬▬▬ ▬▬ ▬▬▬▬ ▬▬▬ ▬▬ ▬▬▬▬ ▬▬▬ ▬▬ ▬▬▬▬▬ ▬▬ ▬▬▬ ▬▬▬▬ ▬▬ ▬▬▬ ▬▬ ▬▬▬▬▬ ▬▬ ▬▬▬ ▬▬▬▬ ▬▬ ▬▬▬▬ ▬▬▬ ▬▬ ▬▬▬ ▬▬▬▬ ▬▬ ▬▬▬ ▬▬ ▬▬▬▬ ▬▬▬ ▬▬ ▬▬▬▬ ▬▬▬ ▬▬ ▬▬▬▬▬ ▬▬ ▬▬▬ ▬▬▬▬ ▬▬ ▬▬▬ ▬▬ ▬▬▬▬▬ ▬▬ ▬▬▬ ▬▬▬▬ ▬▬ ▬▬▬▬ ▬▬▬ ▬▬ ▬▬▬ ▬▬▬▬ ▬▬ ▬▬▬ ▬▬ ▬▬▬▬ ▬▬▬ ▬▬ ▬▬▬▬ ▬▬▬ ▬▬ ▬▬▬▬▬ ▬▬ ▬▬▬ ▬▬▬▬
লেখক : কথাসাহিত্যিক, প্রাবন্ধিক
